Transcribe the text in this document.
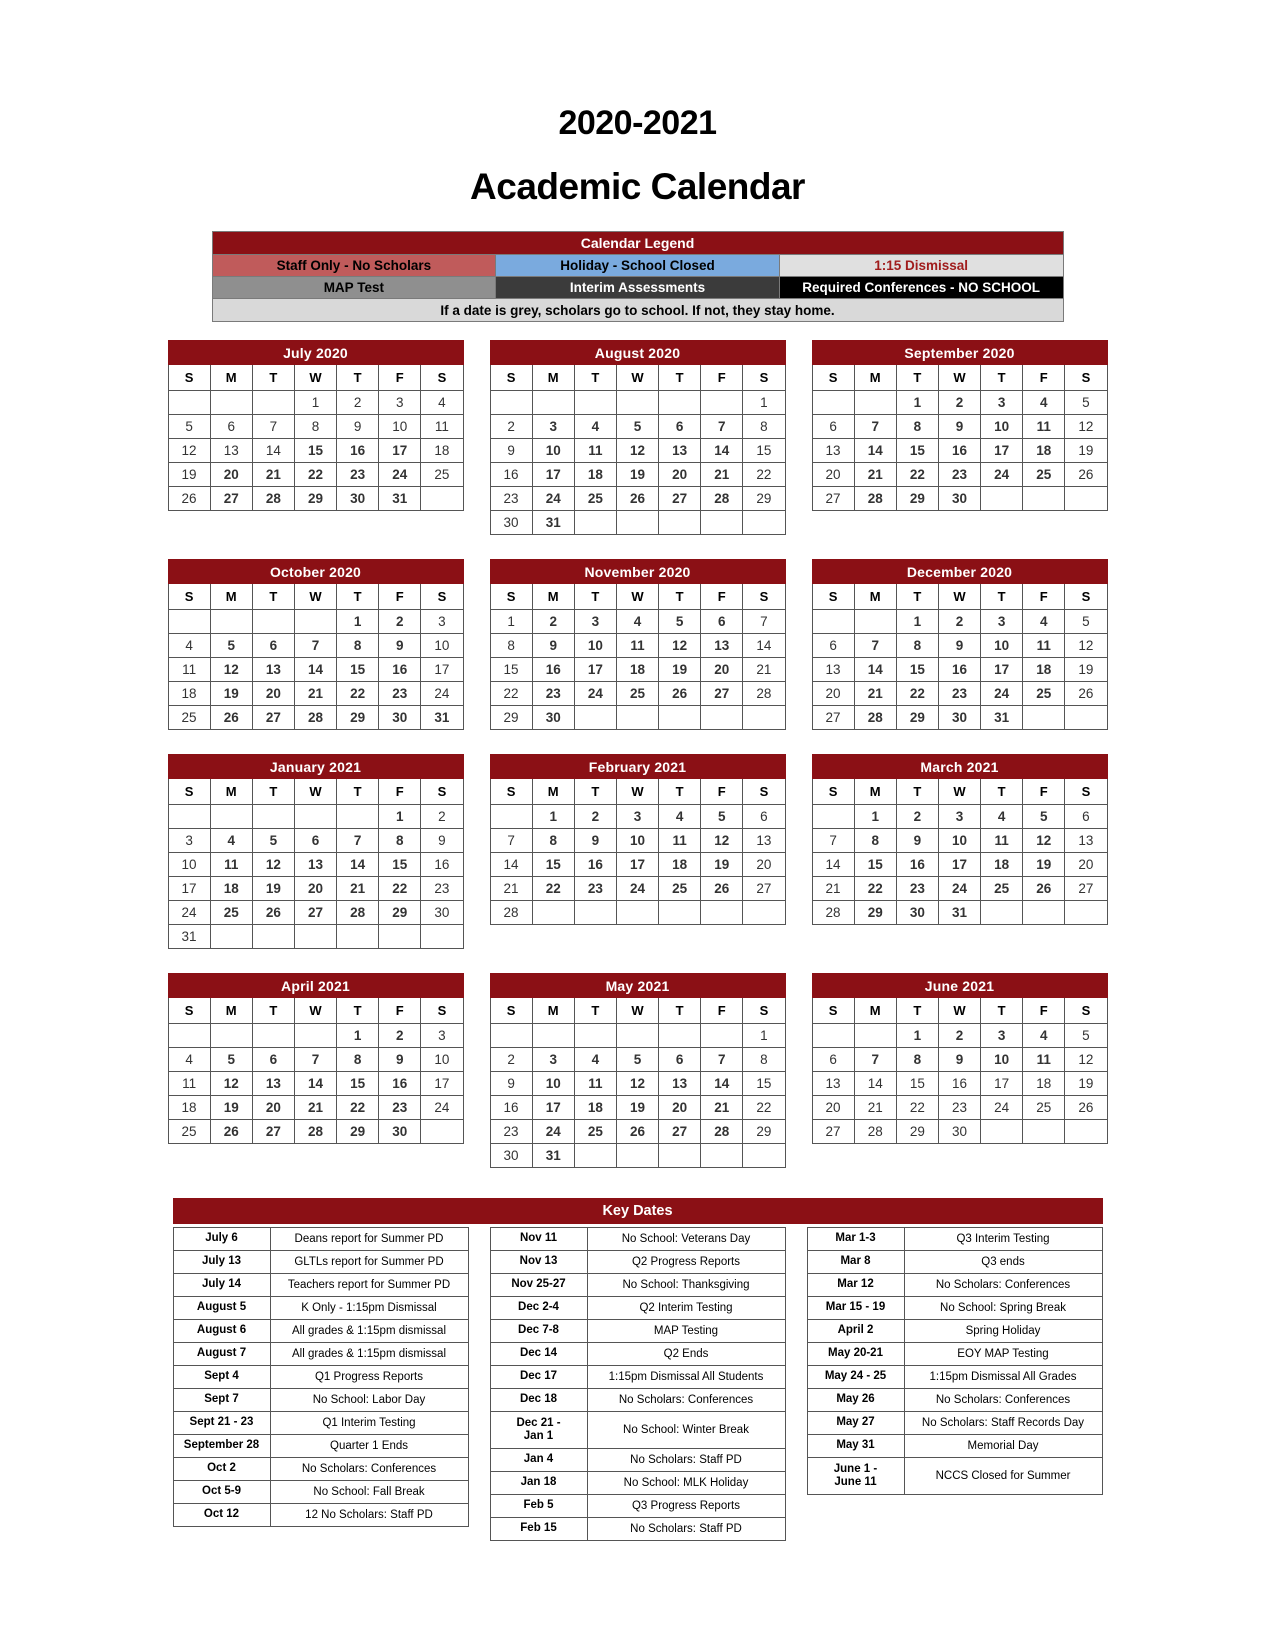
2020-2021
Academic Calendar
Calendar Legend		
Staff Only - No Scholars	Holiday - School Closed	1:15 Dismissal
MAP Test	Interim Assessments	Required Conferences - NO SCHOOL
If a date is grey, scholars go to school. If not, they stay home.		
July 2020						
S	M	T	W	T	F	S
			1	2	3	4
5	6	7	8	9	10	11
12	13	14	15	16	17	18
19	20	21	22	23	24	25
26	27	28	29	30	31	
August 2020						
S	M	T	W	T	F	S
						1
2	3	4	5	6	7	8
9	10	11	12	13	14	15
16	17	18	19	20	21	22
23	24	25	26	27	28	29
30	31					
September 2020						
S	M	T	W	T	F	S
		1	2	3	4	5
6	7	8	9	10	11	12
13	14	15	16	17	18	19
20	21	22	23	24	25	26
27	28	29	30			
October 2020						
S	M	T	W	T	F	S
				1	2	3
4	5	6	7	8	9	10
11	12	13	14	15	16	17
18	19	20	21	22	23	24
25	26	27	28	29	30	31
November 2020						
S	M	T	W	T	F	S
1	2	3	4	5	6	7
8	9	10	11	12	13	14
15	16	17	18	19	20	21
22	23	24	25	26	27	28
29	30					
December 2020						
S	M	T	W	T	F	S
		1	2	3	4	5
6	7	8	9	10	11	12
13	14	15	16	17	18	19
20	21	22	23	24	25	26
27	28	29	30	31		
January 2021						
S	M	T	W	T	F	S
					1	2
3	4	5	6	7	8	9
10	11	12	13	14	15	16
17	18	19	20	21	22	23
24	25	26	27	28	29	30
31						
February 2021						
S	M	T	W	T	F	S
	1	2	3	4	5	6
7	8	9	10	11	12	13
14	15	16	17	18	19	20
21	22	23	24	25	26	27
28						
March 2021						
S	M	T	W	T	F	S
	1	2	3	4	5	6
7	8	9	10	11	12	13
14	15	16	17	18	19	20
21	22	23	24	25	26	27
28	29	30	31			
April 2021						
S	M	T	W	T	F	S
				1	2	3
4	5	6	7	8	9	10
11	12	13	14	15	16	17
18	19	20	21	22	23	24
25	26	27	28	29	30	
May 2021						
S	M	T	W	T	F	S
						1
2	3	4	5	6	7	8
9	10	11	12	13	14	15
16	17	18	19	20	21	22
23	24	25	26	27	28	29
30	31					
June 2021						
S	M	T	W	T	F	S
		1	2	3	4	5
6	7	8	9	10	11	12
13	14	15	16	17	18	19
20	21	22	23	24	25	26
27	28	29	30			
Key Dates
July 6	Deans report for Summer PD
July 13	GLTLs report for Summer PD
July 14	Teachers report for Summer PD
August 5	K Only - 1:15pm Dismissal
August 6	All grades & 1:15pm dismissal
August 7	All grades & 1:15pm dismissal
Sept 4	Q1 Progress Reports
Sept 7	No School: Labor Day
Sept 21 - 23	Q1 Interim Testing
September 28	Quarter 1 Ends
Oct 2	No Scholars: Conferences
Oct 5-9	No School: Fall Break
Oct 12	12 No Scholars: Staff PD
Nov 11	No School: Veterans Day
Nov 13	Q2 Progress Reports
Nov 25-27	No School: Thanksgiving
Dec 2-4	Q2 Interim Testing
Dec 7-8	MAP Testing
Dec 14	Q2 Ends
Dec 17	1:15pm Dismissal All Students
Dec 18	No Scholars: Conferences
Dec 21 -
Jan 1	No School: Winter Break
Jan 4	No Scholars: Staff PD
Jan 18	No School: MLK Holiday
Feb 5	Q3 Progress Reports
Feb 15	No Scholars: Staff PD
Mar 1-3	Q3 Interim Testing
Mar 8	Q3 ends
Mar 12	No Scholars: Conferences
Mar 15 - 19	No School: Spring Break
April 2	Spring Holiday
May 20-21	EOY MAP Testing
May 24 - 25	1:15pm Dismissal All Grades
May 26	No Scholars: Conferences
May 27	No Scholars: Staff Records Day
May 31	Memorial Day
June 1 -
June 11	NCCS Closed for Summer
